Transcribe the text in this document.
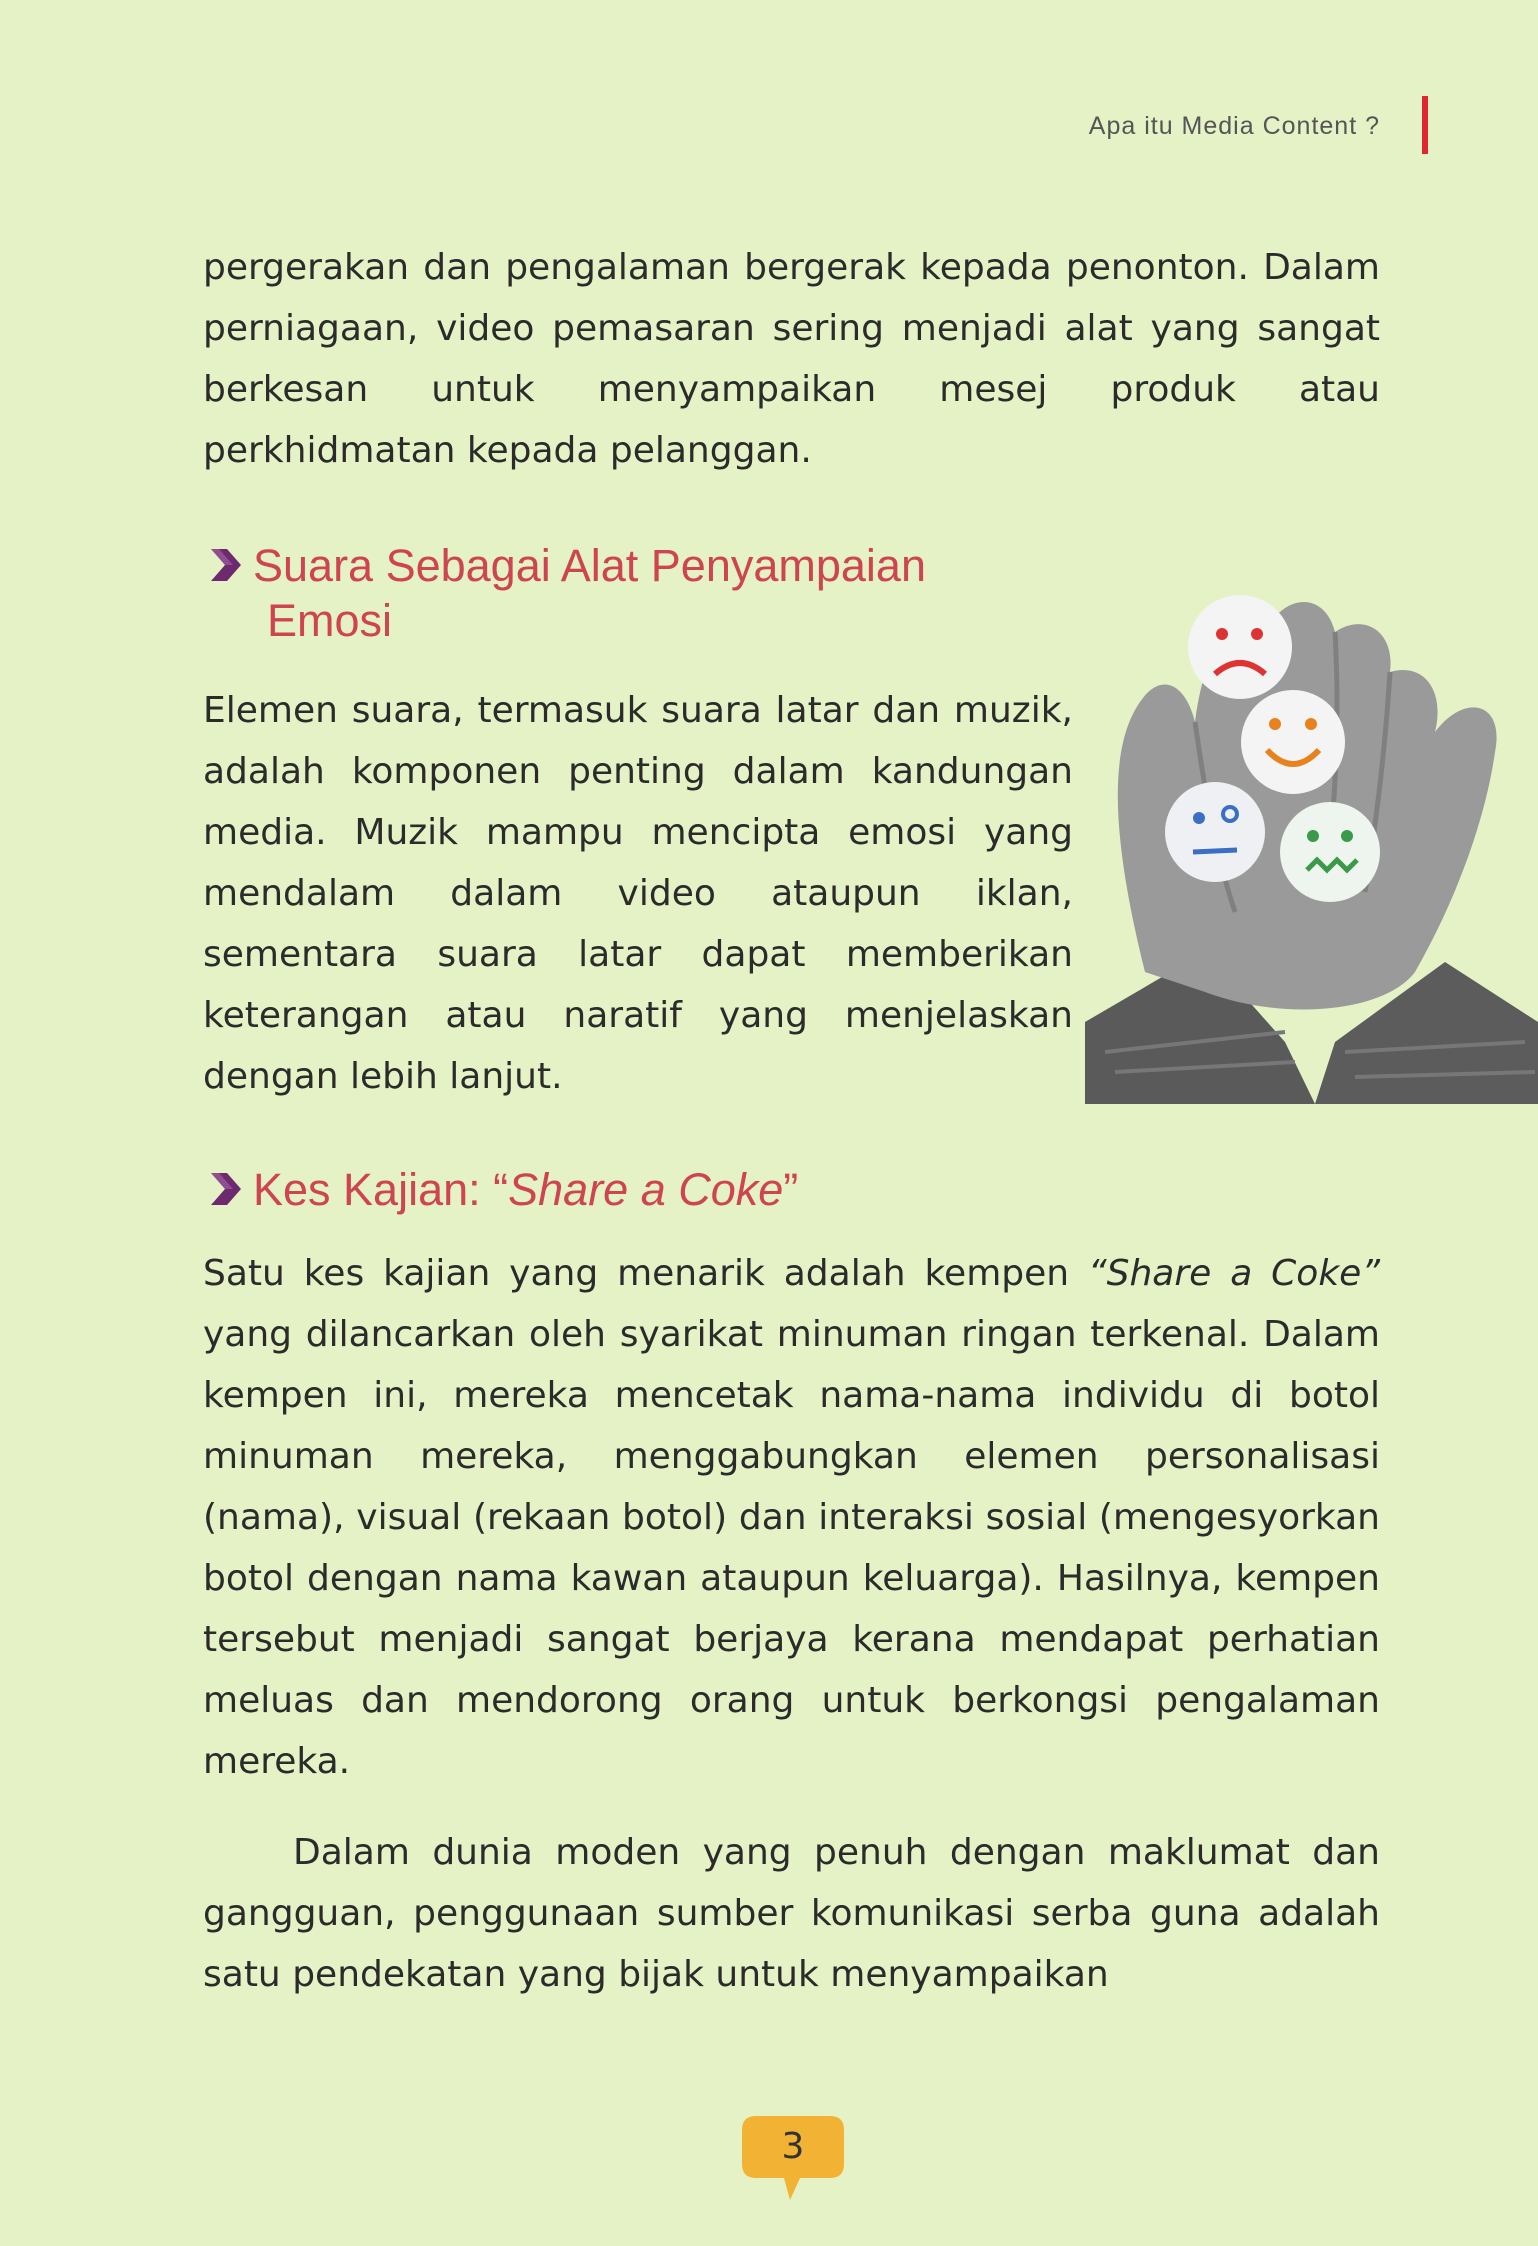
Apa itu Media Content ?

pergerakan dan pengalaman bergerak kepada penonton. Dalam perniagaan, video pemasaran sering menjadi alat yang sangat berkesan untuk menyampaikan mesej produk atau perkhidmatan kepada pelanggan.

Suara Sebagai Alat Penyampaian
Emosi

Elemen suara, termasuk suara latar dan muzik, adalah komponen penting dalam kandungan media. Muzik mampu mencipta emosi yang mendalam dalam video ataupun iklan, sementara suara latar dapat memberikan keterangan atau naratif yang menjelaskan dengan lebih lanjut.

Kes Kajian: “Share a Coke”

Satu kes kajian yang menarik adalah kempen “Share a Coke” yang dilancarkan oleh syarikat minuman ringan terkenal. Dalam kempen ini, mereka mencetak nama-nama individu di botol minuman mereka, menggabungkan elemen personalisasi (nama), visual (rekaan botol) dan interaksi sosial (mengesyorkan botol dengan nama kawan ataupun keluarga). Hasilnya, kempen tersebut menjadi sangat berjaya kerana mendapat perhatian meluas dan mendorong orang untuk berkongsi pengalaman mereka.

Dalam dunia moden yang penuh dengan maklumat dan gangguan, penggunaan sumber komunikasi serba guna adalah satu pendekatan yang bijak untuk menyampaikan

3
